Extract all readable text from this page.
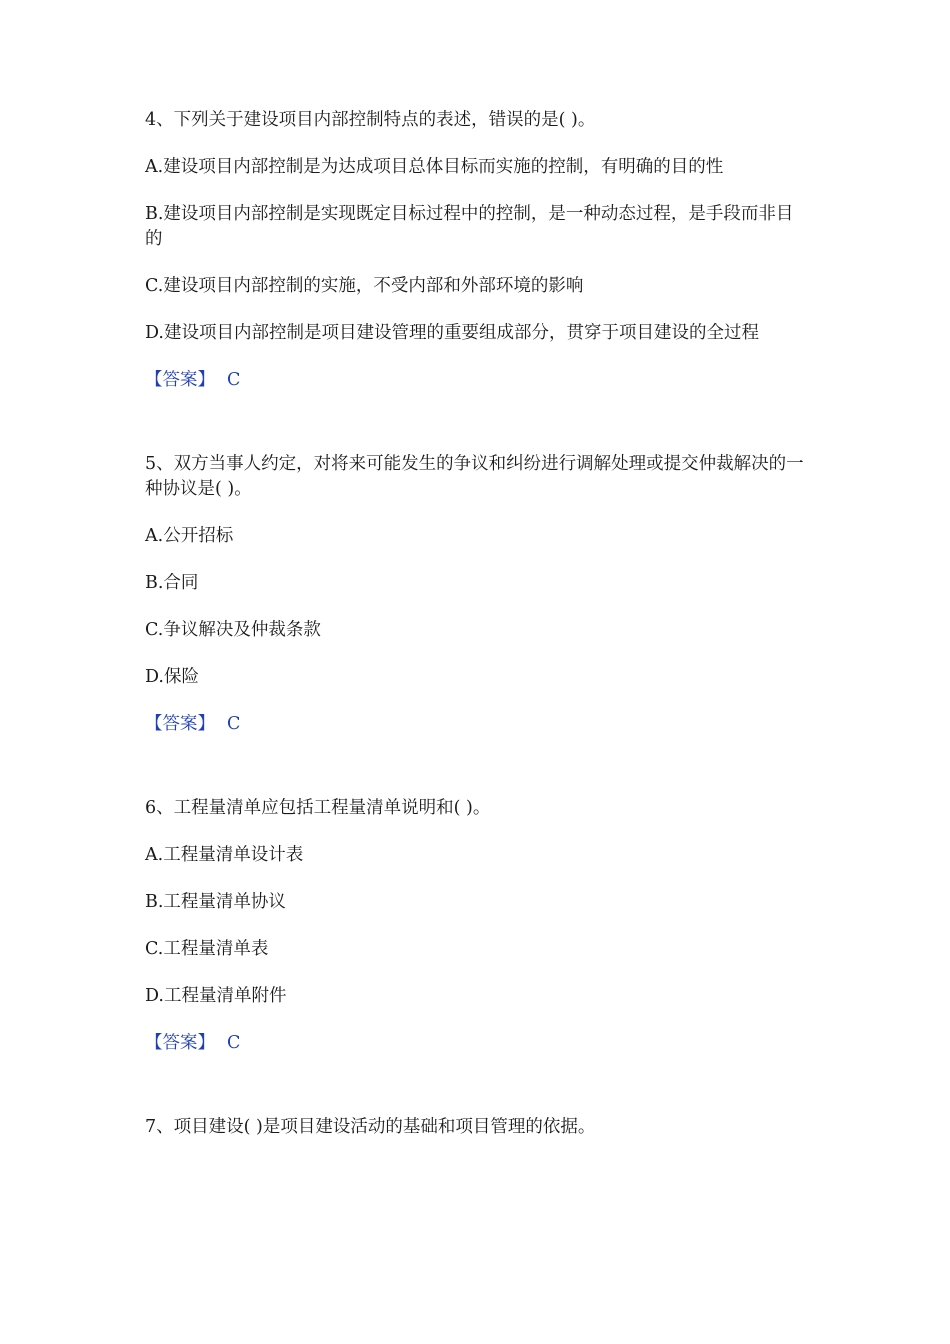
4、下列关于建设项目内部控制特点的表述，错误的是( )。

A.建设项目内部控制是为达成项目总体目标而实施的控制，有明确的目的性

B.建设项目内部控制是实现既定目标过程中的控制，是一种动态过程，是手段而非目的

C.建设项目内部控制的实施，不受内部和外部环境的影响

D.建设项目内部控制是项目建设管理的重要组成部分，贯穿于项目建设的全过程

【答案】 C

5、双方当事人约定，对将来可能发生的争议和纠纷进行调解处理或提交仲裁解决的一种协议是( )。

A.公开招标

B.合同

C.争议解决及仲裁条款

D.保险

【答案】 C

6、工程量清单应包括工程量清单说明和( )。

A.工程量清单设计表

B.工程量清单协议

C.工程量清单表

D.工程量清单附件

【答案】 C

7、项目建设( )是项目建设活动的基础和项目管理的依据。
